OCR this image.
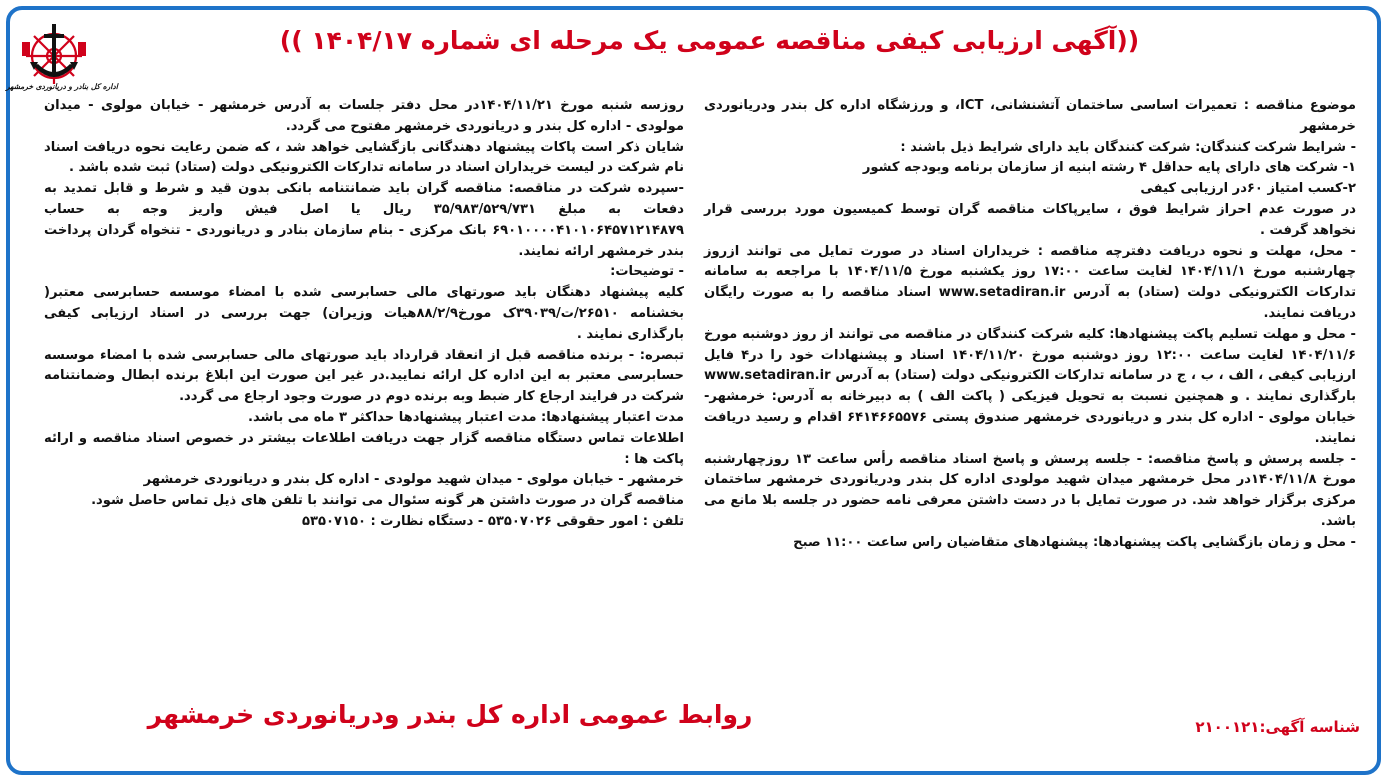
اداره کل بنادر و دریانوردی خرمشهر
((آگهی ارزیابی کیفی مناقصه عمومی یک مرحله ای شماره ۱۴۰۴/۱۷ ))

موضوع مناقصه : تعمیرات اساسی ساختمان آتشنشانی، ICT، و ورزشگاه اداره کل بندر ودریانوردی خرمشهر

- شرایط شرکت کنندگان: شرکت کنندگان باید دارای شرایط ذیل باشند :

۱- شرکت های دارای پایه حداقل ۴ رشته ابنیه از سازمان برنامه وبودجه کشور

۲-کسب امتیاز ۶۰در ارزیابی کیفی

در صورت عدم احراز شرایط فوق ، سایرپاکات مناقصه گران توسط کمیسیون مورد بررسی قرار نخواهد گرفت .

- محل، مهلت و نحوه دریافت دفترچه مناقصه : خریداران اسناد در صورت تمایل می توانند ازروز چهارشنبه مورخ ۱۴۰۴/۱۱/۱ لغایت ساعت ۱۷:۰۰ روز یکشنبه مورخ ۱۴۰۴/۱۱/۵ با مراجعه به سامانه تدارکات الکترونیکی دولت (ستاد) به آدرس www.setadiran.ir اسناد مناقصه را به صورت رایگان دریافت نمایند.

- محل و مهلت تسلیم پاکت پیشنهادها: کلیه شرکت کنندگان در مناقصه می توانند از روز دوشنبه مورخ ۱۴۰۴/۱۱/۶ لغایت ساعت ۱۲:۰۰ روز دوشنبه مورخ ۱۴۰۴/۱۱/۲۰ اسناد و پیشنهادات خود را در۴ فایل ارزیابی کیفی ، الف ، ب ، ج در سامانه تدارکات الکترونیکی دولت (ستاد) به آدرس www.setadiran.ir بارگذاری نمایند . و همچنین نسبت به تحویل فیزیکی ( پاکت الف ) به دبیرخانه به آدرس: خرمشهر- خیابان مولوی - اداره کل بندر و دریانوردی خرمشهر صندوق پستی ۶۴۱۴۶۶۵۵۷۶ اقدام و رسید دریافت نمایند.

- جلسه پرسش و پاسخ مناقصه: - جلسه پرسش و پاسخ اسناد مناقصه رأس ساعت ۱۳ روزچهارشنبه مورخ ۱۴۰۴/۱۱/۸در محل خرمشهر میدان شهید مولودی اداره کل بندر ودریانوردی خرمشهر ساختمان مرکزی برگزار خواهد شد. در صورت تمایل با در دست داشتن معرفی نامه حضور در جلسه بلا مانع می باشد.

- محل و زمان بازگشایی پاکت پیشنهادها: پیشنهادهای متقاضیان راس ساعت ۱۱:۰۰ صبح

روزسه شنبه مورخ ۱۴۰۴/۱۱/۲۱در محل دفتر جلسات به آدرس خرمشهر - خیابان مولوی - میدان مولودی - اداره کل بندر و دریانوردی خرمشهر مفتوح می گردد.

شایان ذکر است پاکات پیشنهاد دهندگانی بازگشایی خواهد شد ، که ضمن رعایت نحوه دریافت اسناد نام شرکت در لیست خریداران اسناد در سامانه تدارکات الکترونیکی دولت (ستاد) ثبت شده باشد .

-سپرده شرکت در مناقصه: مناقصه گران باید ضمانتنامه بانکی بدون قید و شرط و قابل تمدید به دفعات به مبلغ ۳۵/۹۸۳/۵۲۹/۷۳۱ ریال یا اصل فیش واریز وجه به حساب ۶۹۰۱۰۰۰۰۴۱۰۱۰۶۴۵۷۱۲۱۴۸۷۹ بانک مرکزی - بنام سازمان بنادر و دریانوردی - تنخواه گردان پرداخت بندر خرمشهر ارائه نمایند.

- توضیحات:

کلیه پیشنهاد دهنگان باید صورتهای مالی حسابرسی شده با امضاء موسسه حسابرسی معتبر( بخشنامه ۲۶۵۱۰/ت/۳۹۰۳۹ک مورخ۸۸/۲/۹هیات وزیران) جهت بررسی در اسناد ارزیابی کیفی بارگذاری نمایند .

تبصره: - برنده مناقصه قبل از انعقاد قرارداد باید صورتهای مالی حسابرسی شده با امضاء موسسه حسابرسی معتبر به این اداره کل ارائه نمایید.در غیر این صورت این ابلاغ برنده ابطال وضمانتنامه شرکت در فرایند ارجاع کار ضبط وبه برنده دوم در صورت وجود ارجاع می گردد.

مدت اعتبار پیشنهادها: مدت اعتبار پیشنهادها حداکثر ۳ ماه می باشد.

اطلاعات تماس دستگاه مناقصه گزار جهت دریافت اطلاعات بیشتر در خصوص اسناد مناقصه و ارائه پاکت ها :

خرمشهر - خیابان مولوی - میدان شهید مولودی - اداره کل بندر و دریانوردی خرمشهر

مناقصه گران در صورت داشتن هر گونه سئوال می توانند با تلفن های ذیل تماس حاصل شود.

تلفن : امور حقوقی ۵۳۵۰۷۰۲۶ - دستگاه نظارت : ۵۳۵۰۷۱۵۰

روابط عمومی اداره کل بندر ودریانوردی خرمشهر	شناسه آگهی:۲۱۰۰۱۲۱
